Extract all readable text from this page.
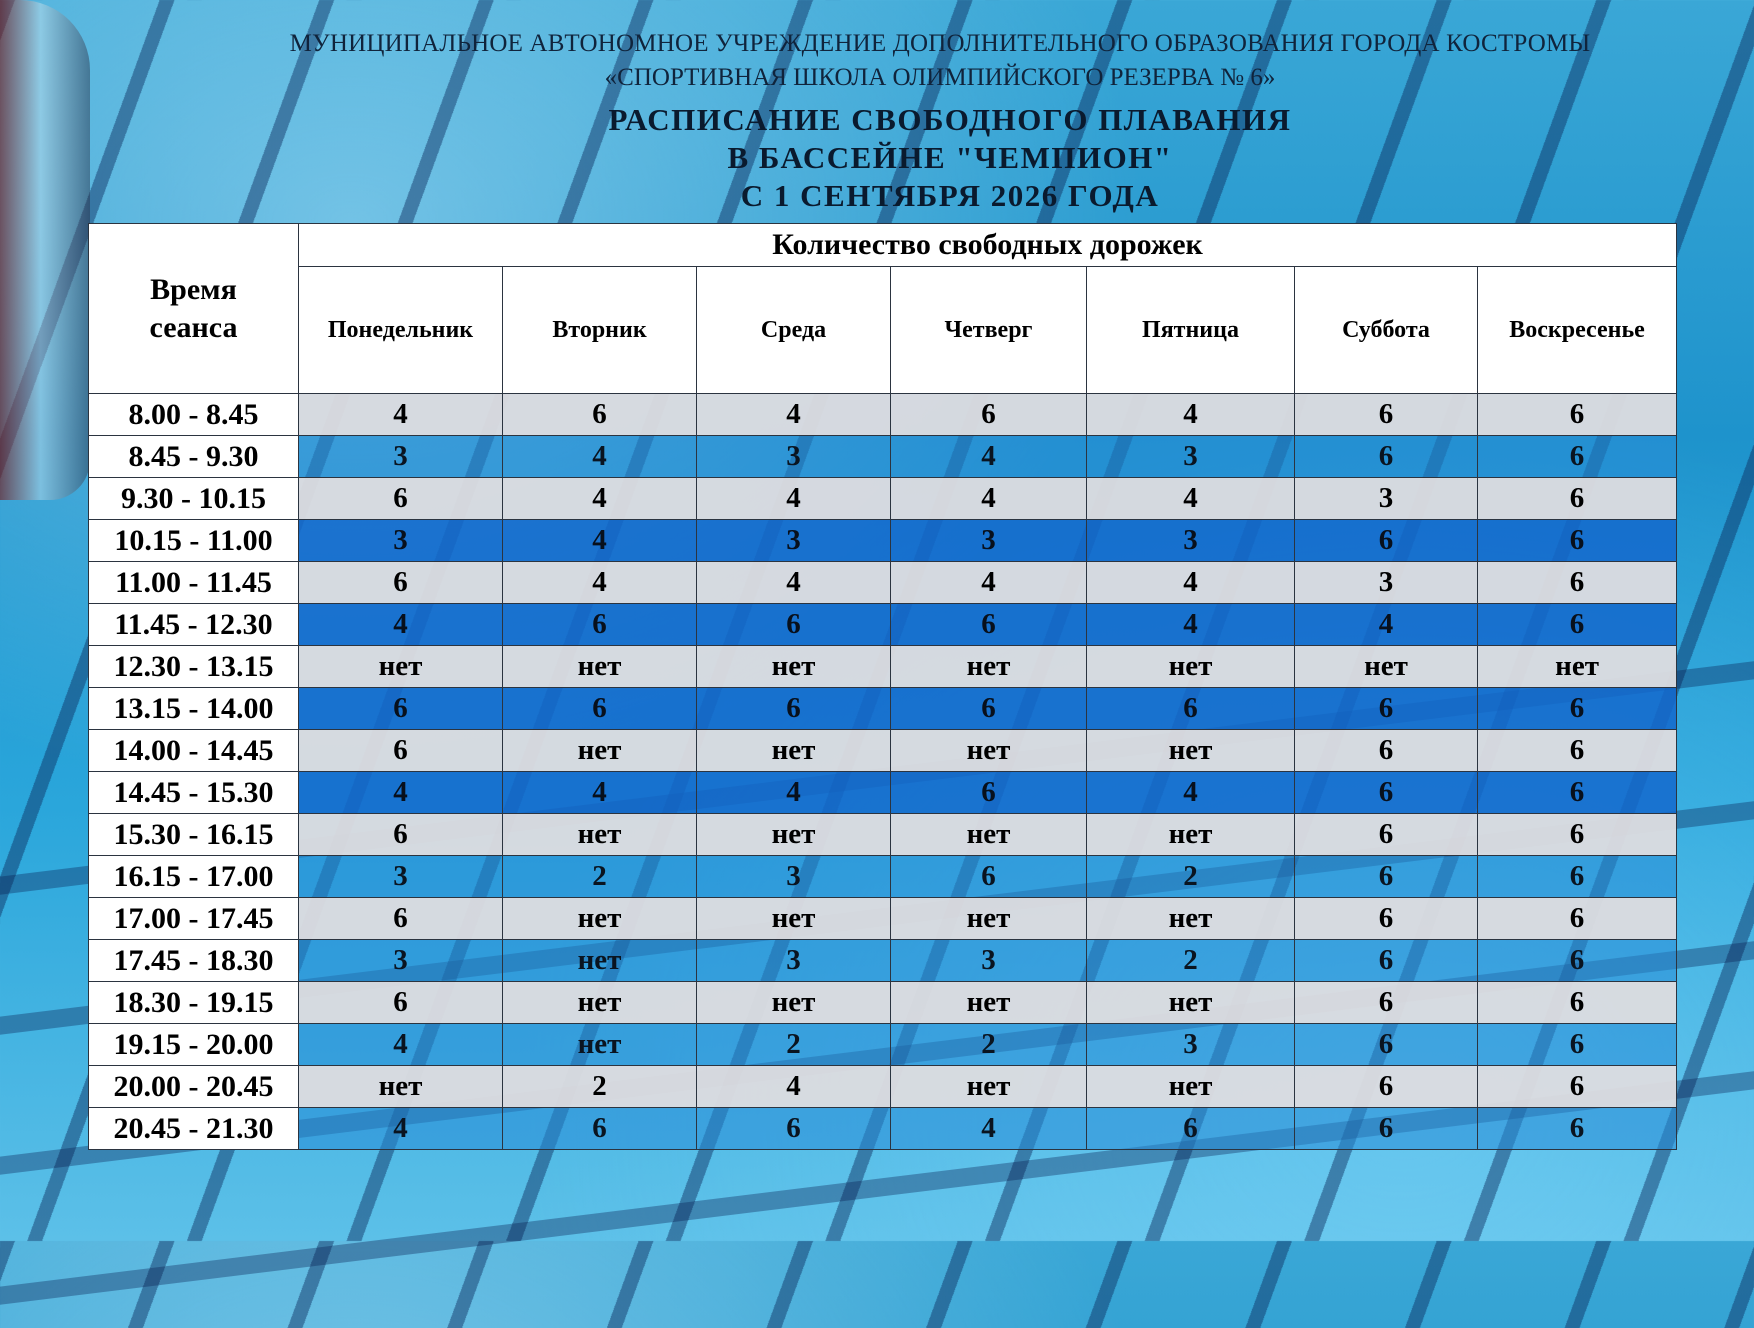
МУНИЦИПАЛЬНОЕ АВТОНОМНОЕ УЧРЕЖДЕНИЕ ДОПОЛНИТЕЛЬНОГО ОБРАЗОВАНИЯ ГОРОДА КОСТРОМЫ
«СПОРТИВНАЯ ШКОЛА ОЛИМПИЙСКОГО РЕЗЕРВА № 6»
РАСПИСАНИЕ СВОБОДНОГО ПЛАВАНИЯ
В БАССЕЙНЕ "ЧЕМПИОН"
С 1 СЕНТЯБРЯ 2026 ГОДА
Время
сеанса	Количество свободных дорожек						
	Понедельник	Вторник	Среда	Четверг	Пятница	Суббота	Воскресенье
8.00 - 8.45	4	6	4	6	4	6	6
8.45 - 9.30	3	4	3	4	3	6	6
9.30 - 10.15	6	4	4	4	4	3	6
10.15 - 11.00	3	4	3	3	3	6	6
11.00 - 11.45	6	4	4	4	4	3	6
11.45 - 12.30	4	6	6	6	4	4	6
12.30 - 13.15	нет	нет	нет	нет	нет	нет	нет
13.15 - 14.00	6	6	6	6	6	6	6
14.00 - 14.45	6	нет	нет	нет	нет	6	6
14.45 - 15.30	4	4	4	6	4	6	6
15.30 - 16.15	6	нет	нет	нет	нет	6	6
16.15 - 17.00	3	2	3	6	2	6	6
17.00 - 17.45	6	нет	нет	нет	нет	6	6
17.45 - 18.30	3	нет	3	3	2	6	6
18.30 - 19.15	6	нет	нет	нет	нет	6	6
19.15 - 20.00	4	нет	2	2	3	6	6
20.00 - 20.45	нет	2	4	нет	нет	6	6
20.45 - 21.30	4	6	6	4	6	6	6
